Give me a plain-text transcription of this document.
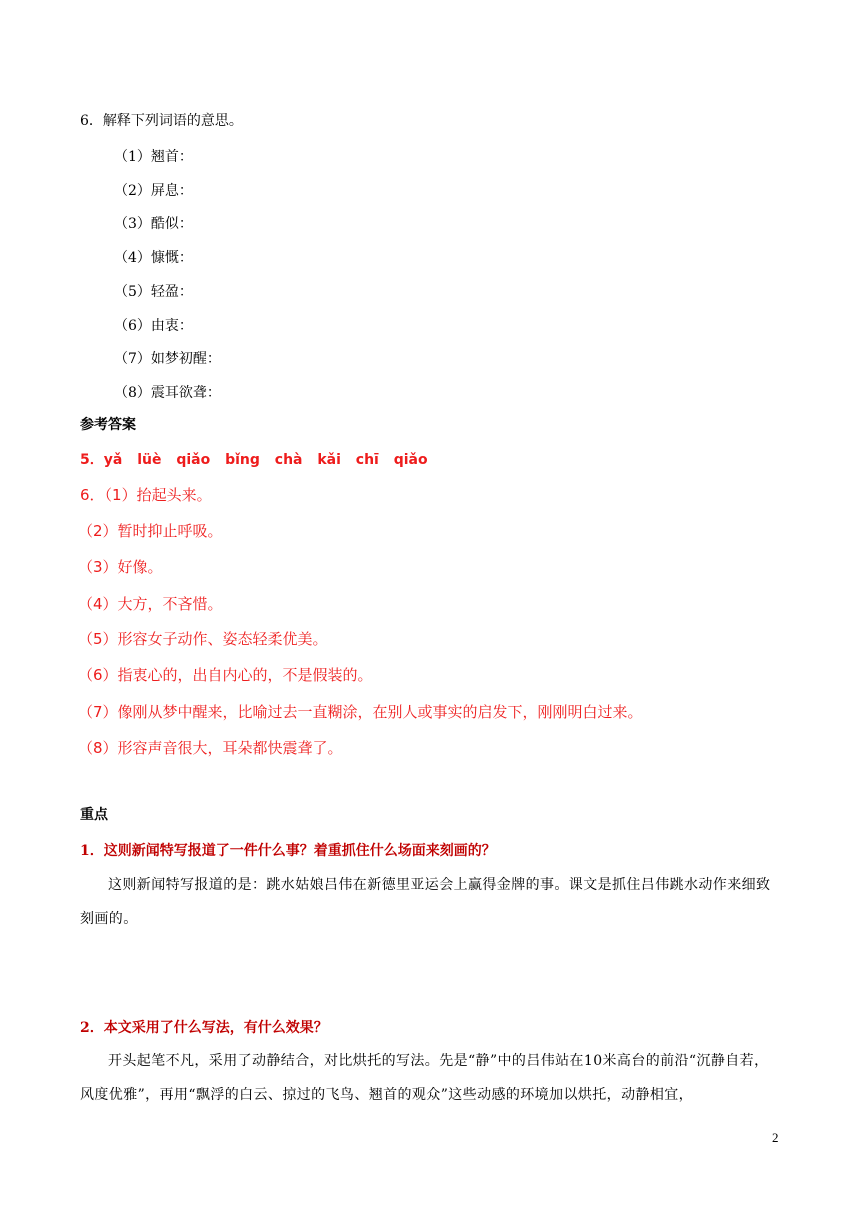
6．解释下列词语的意思。
（1）翘首：
（2）屏息：
（3）酷似：
（4）慷慨：
（5）轻盈：
（6）由衷：
（7）如梦初醒：
（8）震耳欲聋：
参考答案
5．yǎ lüè qiǎo bǐng chà kǎi chī qiǎo
6．（1）抬起头来。
（2）暂时抑止呼吸。
（3）好像。
（4）大方，不吝惜。
（5）形容女子动作、姿态轻柔优美。
（6）指衷心的，出自内心的，不是假装的。
（7）像刚从梦中醒来，比喻过去一直糊涂，在别人或事实的启发下，刚刚明白过来。
（8）形容声音很大，耳朵都快震聋了。
重点
1．这则新闻特写报道了一件什么事？着重抓住什么场面来刻画的？
这则新闻特写报道的是：跳水姑娘吕伟在新德里亚运会上赢得金牌的事。课文是抓住吕伟跳水动作来细致刻画的。
2．本文采用了什么写法，有什么效果？
开头起笔不凡，采用了动静结合，对比烘托的写法。先是“静”中的吕伟站在10米高台的前沿“沉静自若，风度优雅”，再用“飘浮的白云、掠过的飞鸟、翘首的观众”这些动感的环境加以烘托，动静相宜，
2
